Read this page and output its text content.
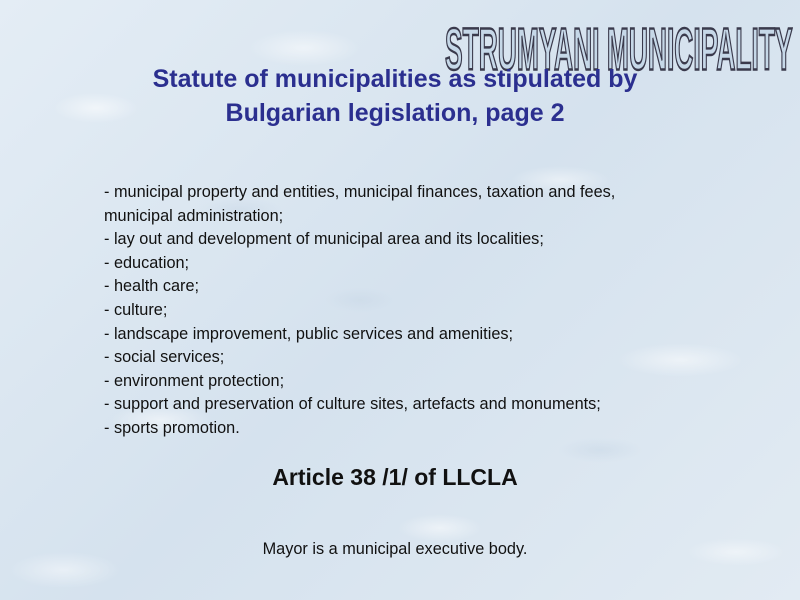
STRUMYANI MUNICIPALITY
Statute of municipalities as stipulated by
Bulgarian legislation, page 2
- municipal property and entities, municipal finances, taxation and fees,
municipal administration;
- lay out and development of municipal area and its localities;
- education;
- health care;
- culture;
- landscape improvement, public services and amenities;
- social services;
- environment protection;
- support and preservation of culture sites, artefacts and monuments;
- sports promotion.
Article 38 /1/ of LLCLA
Mayor is a municipal executive body.
